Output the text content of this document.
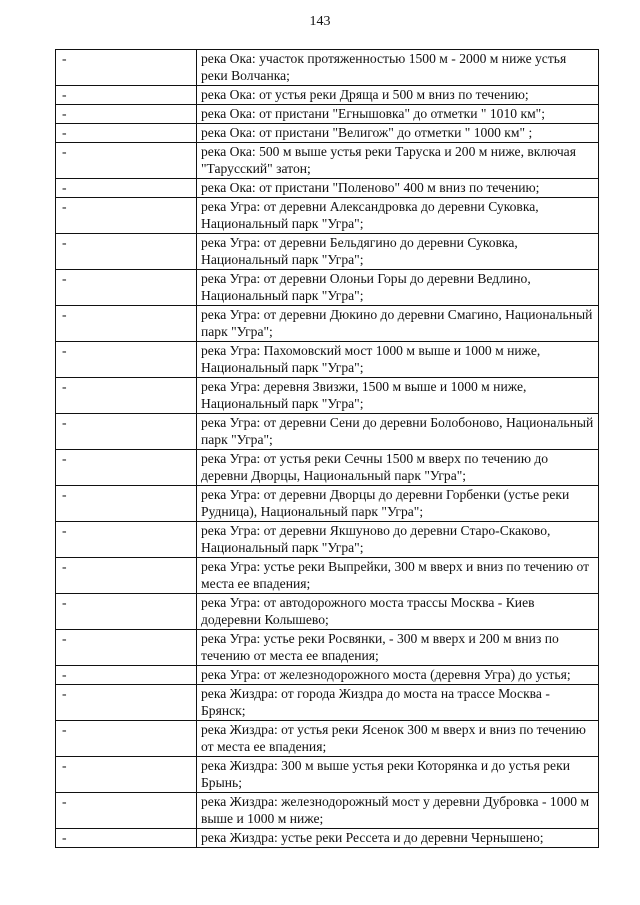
143
-	река Ока: участок протяженностью 1500 м - 2000 м ниже устья реки Волчанка;
-	река Ока: от устья реки Дряща и 500 м вниз по течению;
-	река Ока: от пристани "Егнышовка" до отметки " 1010 км";
-	река Ока: от пристани "Велигож" до отметки " 1000 км" ;
-	река Ока: 500 м выше устья реки Таруска и 200 м ниже, включая "Тарусский" затон;
-	река Ока: от пристани "Поленово" 400 м вниз по течению;
-	река Угра: от деревни Александровка до деревни Суковка, Национальный парк "Угра";
-	река Угра: от деревни Бельдягино до деревни Суковка, Национальный парк "Угра";
-	река Угра: от деревни Олоньи Горы до деревни Ведлино, Национальный парк "Угра";
-	река Угра: от деревни Дюкино до деревни Смагино, Национальный парк "Угра";
-	река Угра: Пахомовский мост 1000 м выше и 1000 м ниже, Национальный парк "Угра";
-	река Угра: деревня Звизжи, 1500 м выше и 1000 м ниже, Национальный парк "Угра";
-	река Угра: от деревни Сени до деревни Болобоново, Национальный парк "Угра";
-	река Угра: от устья реки Сечны 1500 м вверх по течению до деревни Дворцы, Национальный парк "Угра";
-	река Угра: от деревни Дворцы до деревни Горбенки (устье реки Рудница), Национальный парк "Угра";
-	река Угра: от деревни Якшуново до деревни Старо-Скаково, Национальный парк "Угра";
-	река Угра: устье реки Выпрейки, 300 м вверх и вниз по течению от места ее впадения;
-	река Угра: от автодорожного моста трассы Москва - Киев додеревни Колышево;
-	река Угра: устье реки Росвянки, - 300 м вверх и 200 м вниз по течению от места ее впадения;
-	река Угра: от железнодорожного моста (деревня Угра) до устья;
-	река Жиздра: от города Жиздра до моста на трассе Москва - Брянск;
-	река Жиздра: от устья реки Ясенок 300 м вверх и вниз по течению от места ее впадения;
-	река Жиздра: 300 м выше устья реки Которянка и до устья реки Брынь;
-	река Жиздра: железнодорожный мост у деревни Дубровка - 1000 м выше и 1000 м ниже;
-	река Жиздра: устье реки Рессета и до деревни Чернышено;
